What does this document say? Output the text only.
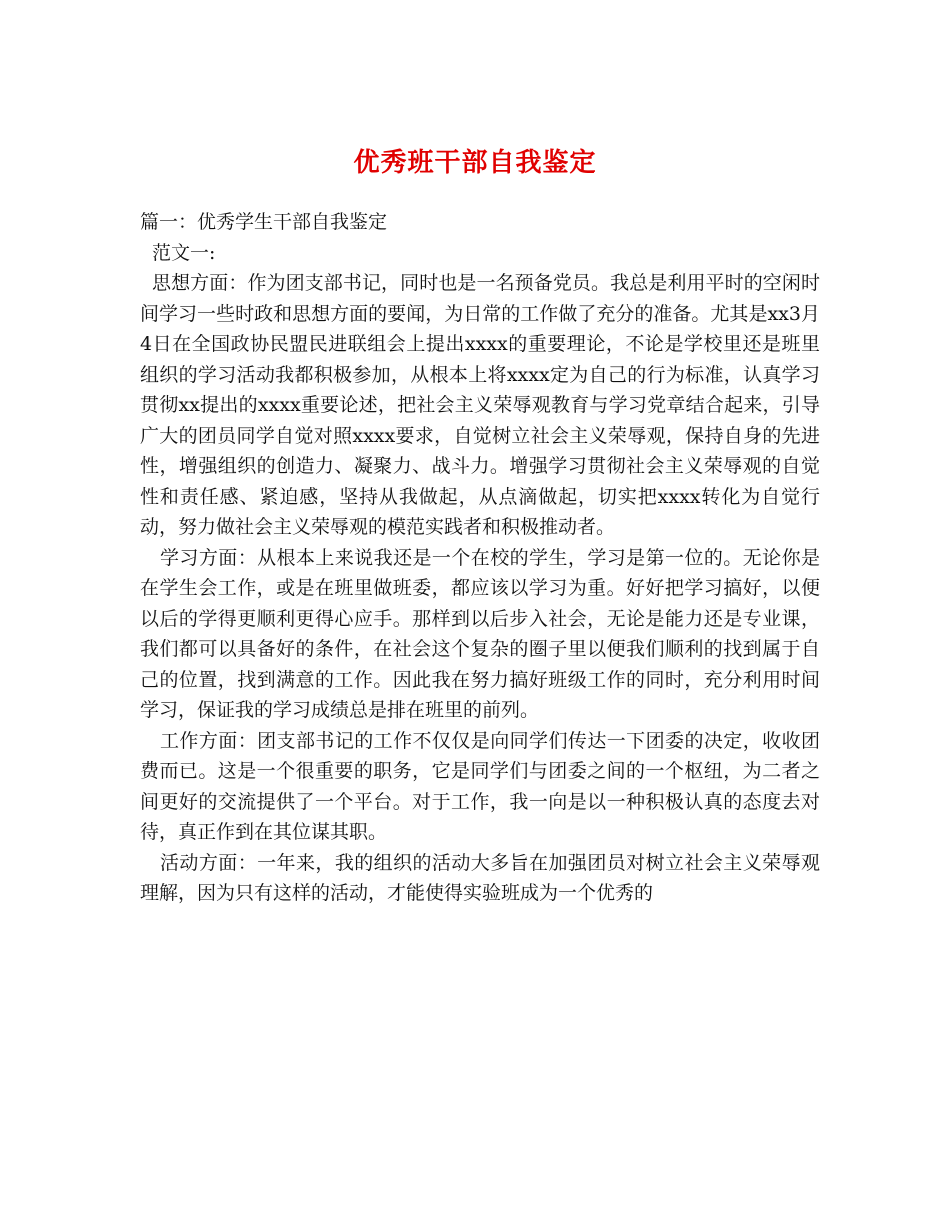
优秀班干部自我鉴定

篇一：优秀学生干部自我鉴定

范文一:

思想方面：作为团支部书记，同时也是一名预备党员。我总是利用平时的空闲时间学习一些时政和思想方面的要闻，为日常的工作做了充分的准备。尤其是xx3月4日在全国政协民盟民进联组会上提出xxxx的重要理论，不论是学校里还是班里组织的学习活动我都积极参加，从根本上将xxxx定为自己的行为标准，认真学习贯彻xx提出的xxxx重要论述，把社会主义荣辱观教育与学习党章结合起来，引导广大的团员同学自觉对照xxxx要求，自觉树立社会主义荣辱观，保持自身的先进性，增强组织的创造力、凝聚力、战斗力。增强学习贯彻社会主义荣辱观的自觉性和责任感、紧迫感，坚持从我做起，从点滴做起，切实把xxxx转化为自觉行动，努力做社会主义荣辱观的模范实践者和积极推动者。

学习方面：从根本上来说我还是一个在校的学生，学习是第一位的。无论你是在学生会工作，或是在班里做班委，都应该以学习为重。好好把学习搞好，以便以后的学得更顺利更得心应手。那样到以后步入社会，无论是能力还是专业课，我们都可以具备好的条件，在社会这个复杂的圈子里以便我们顺利的找到属于自己的位置，找到满意的工作。因此我在努力搞好班级工作的同时，充分利用时间学习，保证我的学习成绩总是排在班里的前列。

工作方面：团支部书记的工作不仅仅是向同学们传达一下团委的决定，收收团费而已。这是一个很重要的职务，它是同学们与团委之间的一个枢纽，为二者之间更好的交流提供了一个平台。对于工作，我一向是以一种积极认真的态度去对待，真正作到在其位谋其职。

活动方面：一年来，我的组织的活动大多旨在加强团员对树立社会主义荣辱观理解，因为只有这样的活动，才能使得实验班成为一个优秀的
